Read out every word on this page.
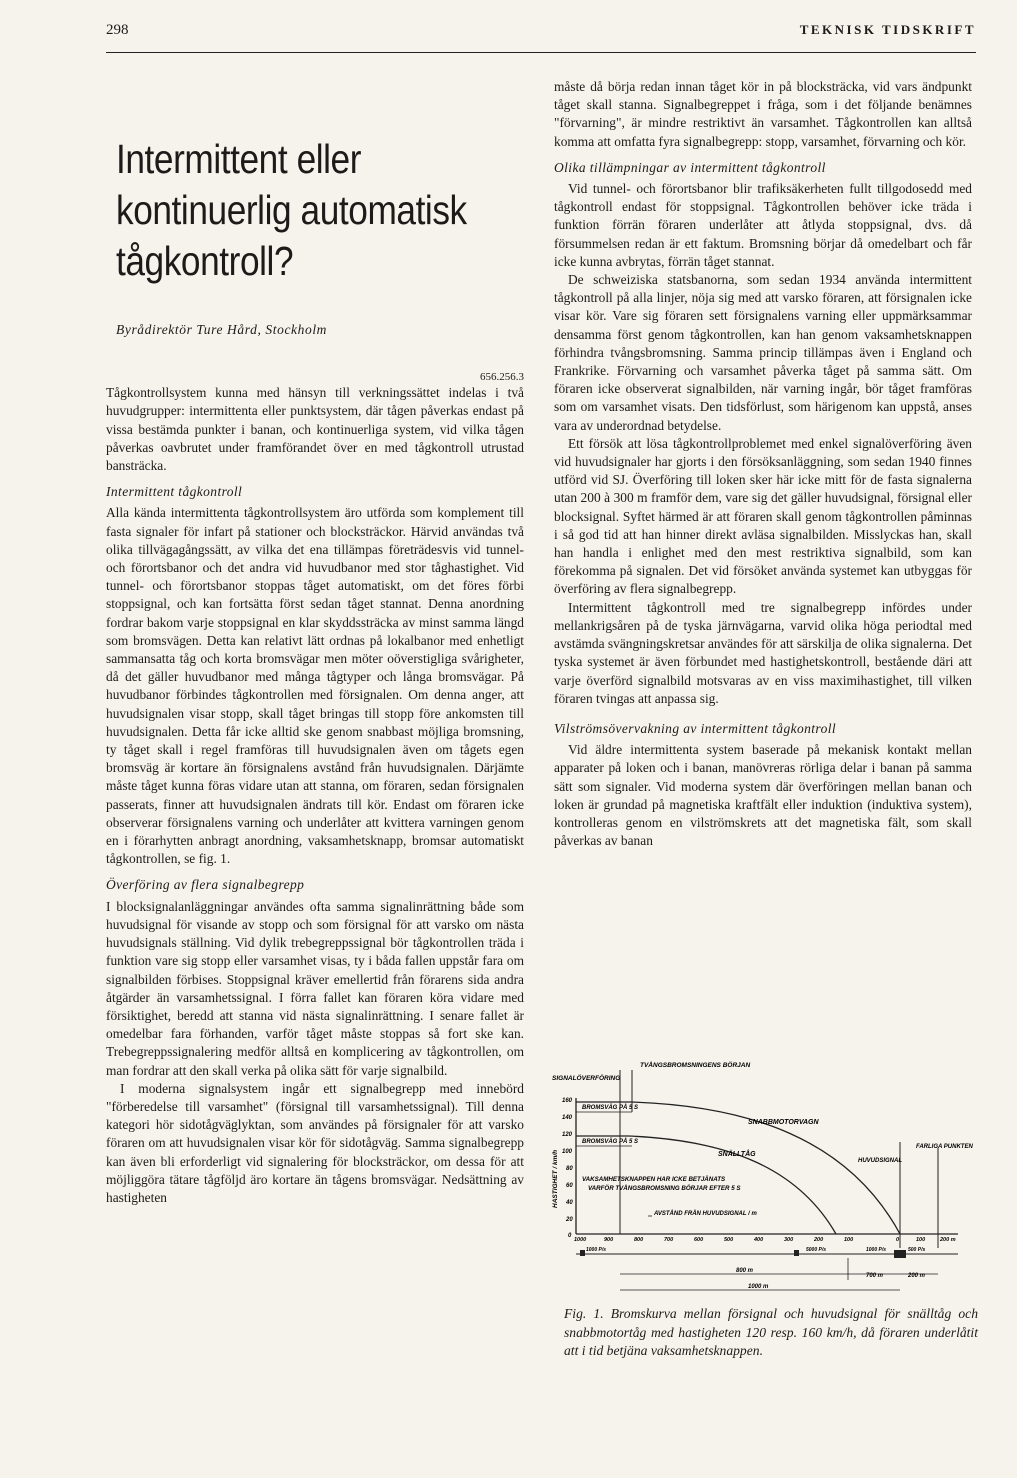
298	TEKNISK TIDSKRIFT
Intermittent eller
kontinuerlig automatisk
tågkontroll?
Byrådirektör Ture Hård, Stockholm
656.256.3

Tågkontrollsystem kunna med hänsyn till verkningssättet indelas i två huvudgrupper: intermittenta eller punktsystem, där tågen påverkas endast på vissa bestämda punkter i banan, och kontinuerliga system, vid vilka tågen påverkas oavbrutet under framförandet över en med tågkontroll utrustad bansträcka.

Intermittent tågkontroll

Alla kända intermittenta tågkontrollsystem äro utförda som komplement till fasta signaler för infart på stationer och blocksträckor. Härvid användas två olika tillvägagångssätt, av vilka det ena tillämpas företrädesvis vid tunnel- och förortsbanor och det andra vid huvudbanor med stor tåghastighet. Vid tunnel- och förortsbanor stoppas tåget automatiskt, om det föres förbi stoppsignal, och kan fortsätta först sedan tåget stannat. Denna anordning fordrar bakom varje stoppsignal en klar skyddssträcka av minst samma längd som bromsvägen. Detta kan relativt lätt ordnas på lokalbanor med enhetligt sammansatta tåg och korta bromsvägar men möter oöverstigliga svårigheter, då det gäller huvudbanor med många tågtyper och långa bromsvägar. På huvudbanor förbindes tågkontrollen med försignalen. Om denna anger, att huvudsignalen visar stopp, skall tåget bringas till stopp före ankomsten till huvudsignalen. Detta får icke alltid ske genom snabbast möjliga bromsning, ty tåget skall i regel framföras till huvudsignalen även om tågets egen bromsväg är kortare än försignalens avstånd från huvudsignalen. Därjämte måste tåget kunna föras vidare utan att stanna, om föraren, sedan försignalen passerats, finner att huvudsignalen ändrats till kör. Endast om föraren icke observerar försignalens varning och underlåter att kvittera varningen genom en i förarhytten anbragt anordning, vaksamhetsknapp, bromsar automatiskt tågkontrollen, se fig. 1.

Överföring av flera signalbegrepp

I blocksignalanläggningar användes ofta samma signalinrättning både som huvudsignal för visande av stopp och som försignal för att varsko om nästa huvudsignals ställning. Vid dylik trebegreppssignal bör tågkontrollen träda i funktion vare sig stopp eller varsamhet visas, ty i båda fallen uppstår fara om signalbilden förbises. Stoppsignal kräver emellertid från förarens sida andra åtgärder än varsamhetssignal. I förra fallet kan föraren köra vidare med försiktighet, beredd att stanna vid nästa signalinrättning. I senare fallet är omedelbar fara förhanden, varför tåget måste stoppas så fort ske kan. Trebegreppssignalering medför alltså en komplicering av tågkontrollen, om man fordrar att den skall verka på olika sätt för varje signalbild.

I moderna signalsystem ingår ett signalbegrepp med innebörd "förberedelse till varsamhet" (försignal till varsamhetssignal). Till denna kategori hör sidotågväglyktan, som användes på försignaler för att varsko föraren om att huvudsignalen visar kör för sidotågväg. Samma signalbegrepp kan även bli erforderligt vid signalering för blocksträckor, om dessa för att möjliggöra tätare tågföljd äro kortare än tågens bromsvägar. Nedsättning av hastigheten

måste då börja redan innan tåget kör in på blocksträcka, vid vars ändpunkt tåget skall stanna. Signalbegreppet i fråga, som i det följande benämnes "förvarning", är mindre restriktivt än varsamhet. Tågkontrollen kan alltså komma att omfatta fyra signalbegrepp: stopp, varsamhet, förvarning och kör.

Olika tillämpningar av intermittent tågkontroll

Vid tunnel- och förortsbanor blir trafiksäkerheten fullt tillgodosedd med tågkontroll endast för stoppsignal. Tågkontrollen behöver icke träda i funktion förrän föraren underlåter att åtlyda stoppsignal, dvs. då försummelsen redan är ett faktum. Bromsning börjar då omedelbart och får icke kunna avbrytas, förrän tåget stannat.

De schweiziska statsbanorna, som sedan 1934 använda intermittent tågkontroll på alla linjer, nöja sig med att varsko föraren, att försignalen icke visar kör. Vare sig föraren sett försignalens varning eller uppmärksammar densamma först genom tågkontrollen, kan han genom vaksamhetsknappen förhindra tvångsbromsning. Samma princip tillämpas även i England och Frankrike. Förvarning och varsamhet påverka tåget på samma sätt. Om föraren icke observerat signalbilden, när varning ingår, bör tåget framföras som om varsamhet visats. Den tidsförlust, som härigenom kan uppstå, anses vara av underordnad betydelse.

Ett försök att lösa tågkontrollproblemet med enkel signalöverföring även vid huvudsignaler har gjorts i den försöksanläggning, som sedan 1940 finnes utförd vid SJ. Överföring till loken sker här icke mitt för de fasta signalerna utan 200 à 300 m framför dem, vare sig det gäller huvudsignal, försignal eller blocksignal. Syftet härmed är att föraren skall genom tågkontrollen påminnas i så god tid att han hinner direkt avläsa signalbilden. Misslyckas han, skall han handla i enlighet med den mest restriktiva signalbild, som kan förekomma på signalen. Det vid försöket använda systemet kan utbyggas för överföring av flera signalbegrepp.

Intermittent tågkontroll med tre signalbegrepp infördes under mellankrigsåren på de tyska järnvägarna, varvid olika höga periodtal med avstämda svängningskretsar användes för att särskilja de olika signalerna. Det tyska systemet är även förbundet med hastighetskontroll, bestående däri att varje överförd signalbild motsvaras av en viss maximihastighet, till vilken föraren tvingas att anpassa sig.

Vilströmsövervakning av intermittent tågkontroll

Vid äldre intermittenta system baserade på mekanisk kontakt mellan apparater på loken och i banan, manövreras rörliga delar i banan på samma sätt som signaler. Vid moderna system där överföringen mellan banan och loken är grundad på magnetiska kraftfält eller induktion (induktiva system), kontrolleras genom en vilströmskrets att det magnetiska fält, som skall påverkas av banan

160
140
120
100
80
60
40
20
0
HASTIGHET / km/h
TVÅNGSBROMSNINGENS BÖRJAN
SIGNALÖVERFÖRING
BROMSVÄG PÅ 5 S
BROMSVÄG PÅ 5 S
SNABBMOTORVAGN
SNÄLLTÅG
HUVUDSIGNAL
FARLIGA PUNKTEN
VAKSAMHETSKNAPPEN HAR ICKE BETJÄNATS
VARFÖR TVÅNGSBROMSNING BÖRJAR EFTER 5 S
AVSTÅND FRÅN HUVUDSIGNAL / m
1000	900	800	700	600	500	400	300	200	100	0	100	200 m
1000 P/s	5000 P/s	1000 P/s	500 P/s
800 m
700 m	200 m
1000 m
Fig. 1. Bromskurva mellan försignal och huvudsignal för snälltåg och snabbmotortåg med hastigheten 120 resp. 160 km/h, då föraren underlåtit att i tid betjäna vaksamhetsknappen.
